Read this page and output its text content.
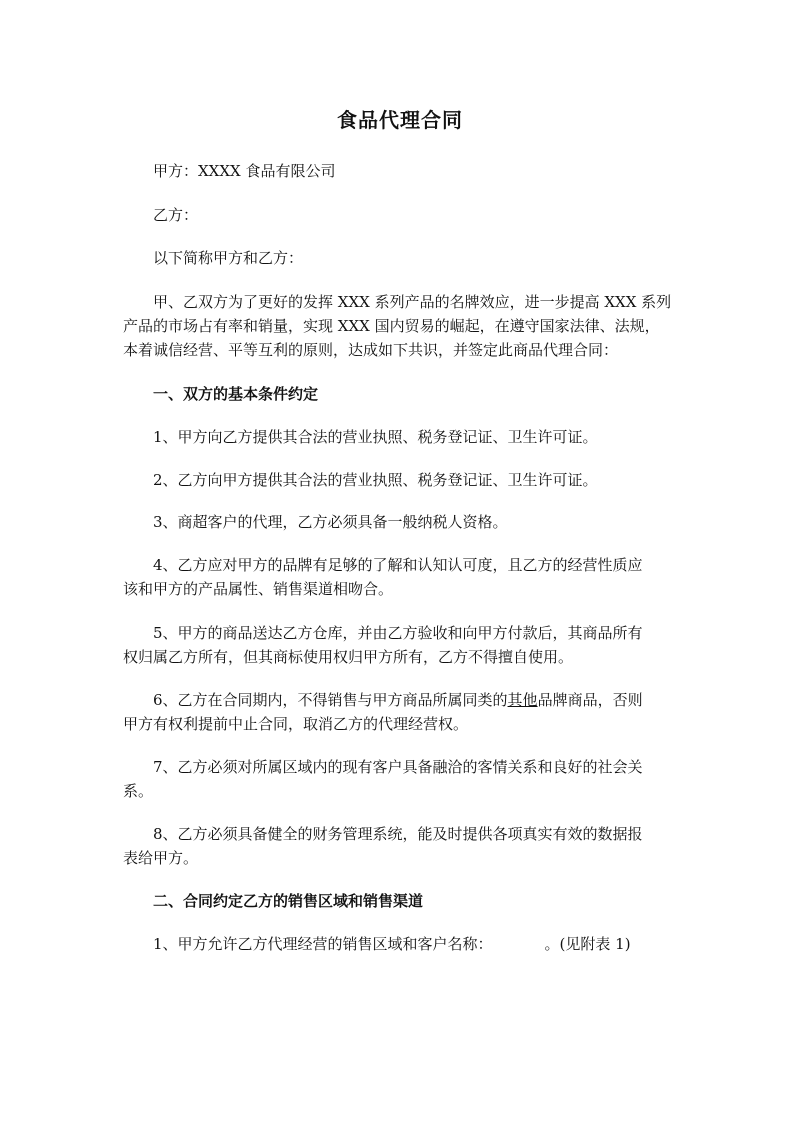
食品代理合同
甲方：XXXX 食品有限公司
乙方：
以下简称甲方和乙方：
甲、乙双方为了更好的发挥 XXX 系列产品的名牌效应，进一步提高 XXX 系列
产品的市场占有率和销量，实现 XXX 国内贸易的崛起，在遵守国家法律、法规，
本着诚信经营、平等互利的原则，达成如下共识，并签定此商品代理合同：
一、双方的基本条件约定
1、甲方向乙方提供其合法的营业执照、税务登记证、卫生许可证。
2、乙方向甲方提供其合法的营业执照、税务登记证、卫生许可证。
3、商超客户的代理，乙方必须具备一般纳税人资格。
4、乙方应对甲方的品牌有足够的了解和认知认可度，且乙方的经营性质应
该和甲方的产品属性、销售渠道相吻合。
5、甲方的商品送达乙方仓库，并由乙方验收和向甲方付款后，其商品所有
权归属乙方所有，但其商标使用权归甲方所有，乙方不得擅自使用。
6、乙方在合同期内，不得销售与甲方商品所属同类的其他品牌商品，否则
甲方有权利提前中止合同，取消乙方的代理经营权。
7、乙方必须对所属区域内的现有客户具备融洽的客情关系和良好的社会关
系。
8、乙方必须具备健全的财务管理系统，能及时提供各项真实有效的数据报
表给甲方。
二、合同约定乙方的销售区域和销售渠道
1、甲方允许乙方代理经营的销售区域和客户名称：	。(见附表 1)
